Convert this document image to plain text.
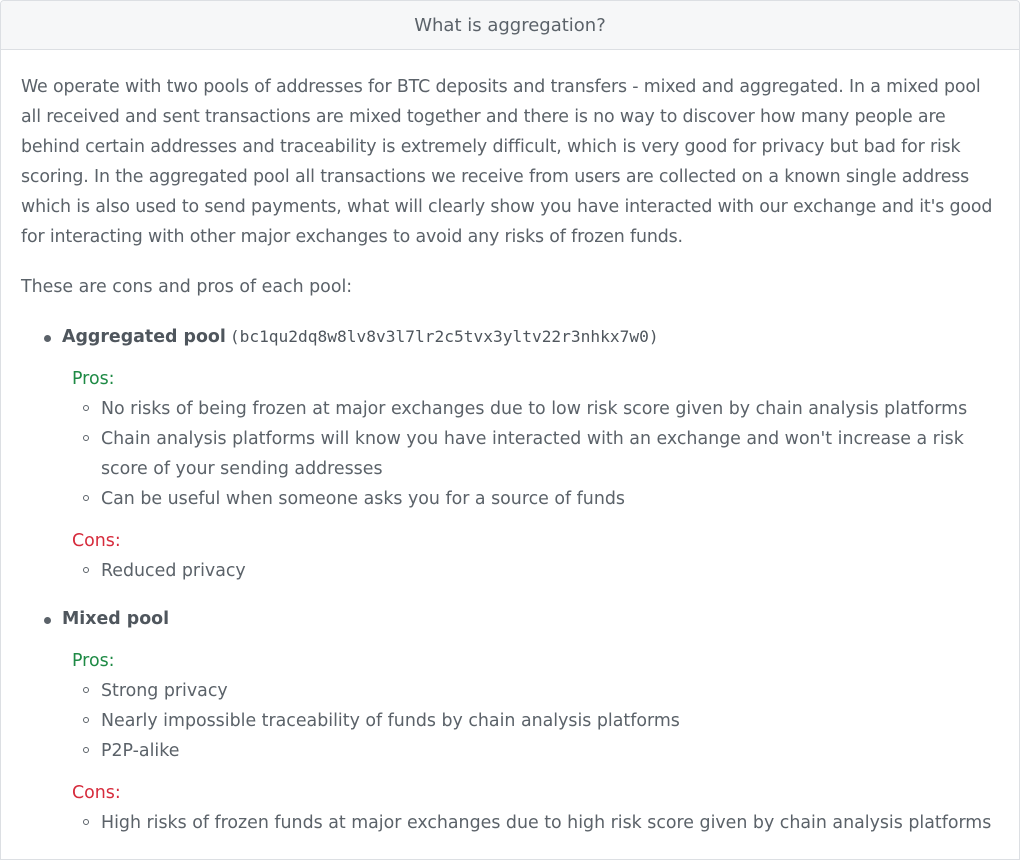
What is aggregation?

We operate with two pools of addresses for BTC deposits and transfers - mixed and aggregated. In a mixed pool all received and sent transactions are mixed together and there is no way to discover how many people are behind certain addresses and traceability is extremely difficult, which is very good for privacy but bad for risk scoring. In the aggregated pool all transactions we receive from users are collected on a known single address which is also used to send payments, what will clearly show you have interacted with our exchange and it's good for interacting with other major exchanges to avoid any risks of frozen funds.

These are cons and pros of each pool:

Aggregated pool (bc1qu2dq8w8lv8v3l7lr2c5tvx3yltv22r3nhkx7w0)
Pros:
No risks of being frozen at major exchanges due to low risk score given by chain analysis platforms
Chain analysis platforms will know you have interacted with an exchange and won't increase a risk score of your sending addresses
Can be useful when someone asks you for a source of funds
Cons:
Reduced privacy
Mixed pool
Pros:
Strong privacy
Nearly impossible traceability of funds by chain analysis platforms
P2P-alike
Cons:
High risks of frozen funds at major exchanges due to high risk score given by chain analysis platforms
